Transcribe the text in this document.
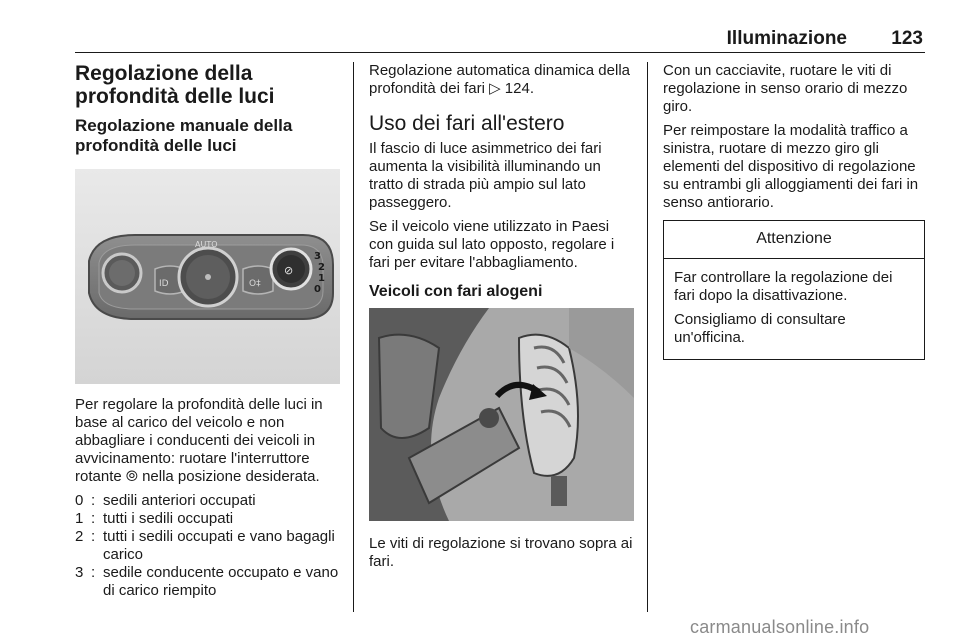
Illuminazione 123
Regolazione della profondità delle luci
Regolazione manuale della profondità delle luci
ID
AUTO
O‡
⊘
3
2
1
0

Per regolare la profondità delle luci in base al carico del veicolo e non abbagliare i conducenti dei veicoli in avvicinamento: ruotare l'interruttore rotante ⦾ nella posizione desiderata.

0 : sedili anteriori occupati
1 : tutti i sedili occupati
2 : tutti i sedili occupati e vano bagagli carico
3 : sedile conducente occupato e vano di carico riempito

Regolazione automatica dinamica della profondità dei fari ▷ 124.

Uso dei fari all'estero

Il fascio di luce asimmetrico dei fari aumenta la visibilità illuminando un tratto di strada più ampio sul lato passeggero.

Se il veicolo viene utilizzato in Paesi con guida sul lato opposto, regolare i fari per evitare l'abbagliamento.

Veicoli con fari alogeni

Le viti di regolazione si trovano sopra ai fari.

Con un cacciavite, ruotare le viti di regolazione in senso orario di mezzo giro.

Per reimpostare la modalità traffico a sinistra, ruotare di mezzo giro gli elementi del dispositivo di regolazione su entrambi gli alloggiamenti dei fari in senso antiorario.

Attenzione

Far controllare la regolazione dei fari dopo la disattivazione.

Consigliamo di consultare un'officina.

carmanualsonline.info
